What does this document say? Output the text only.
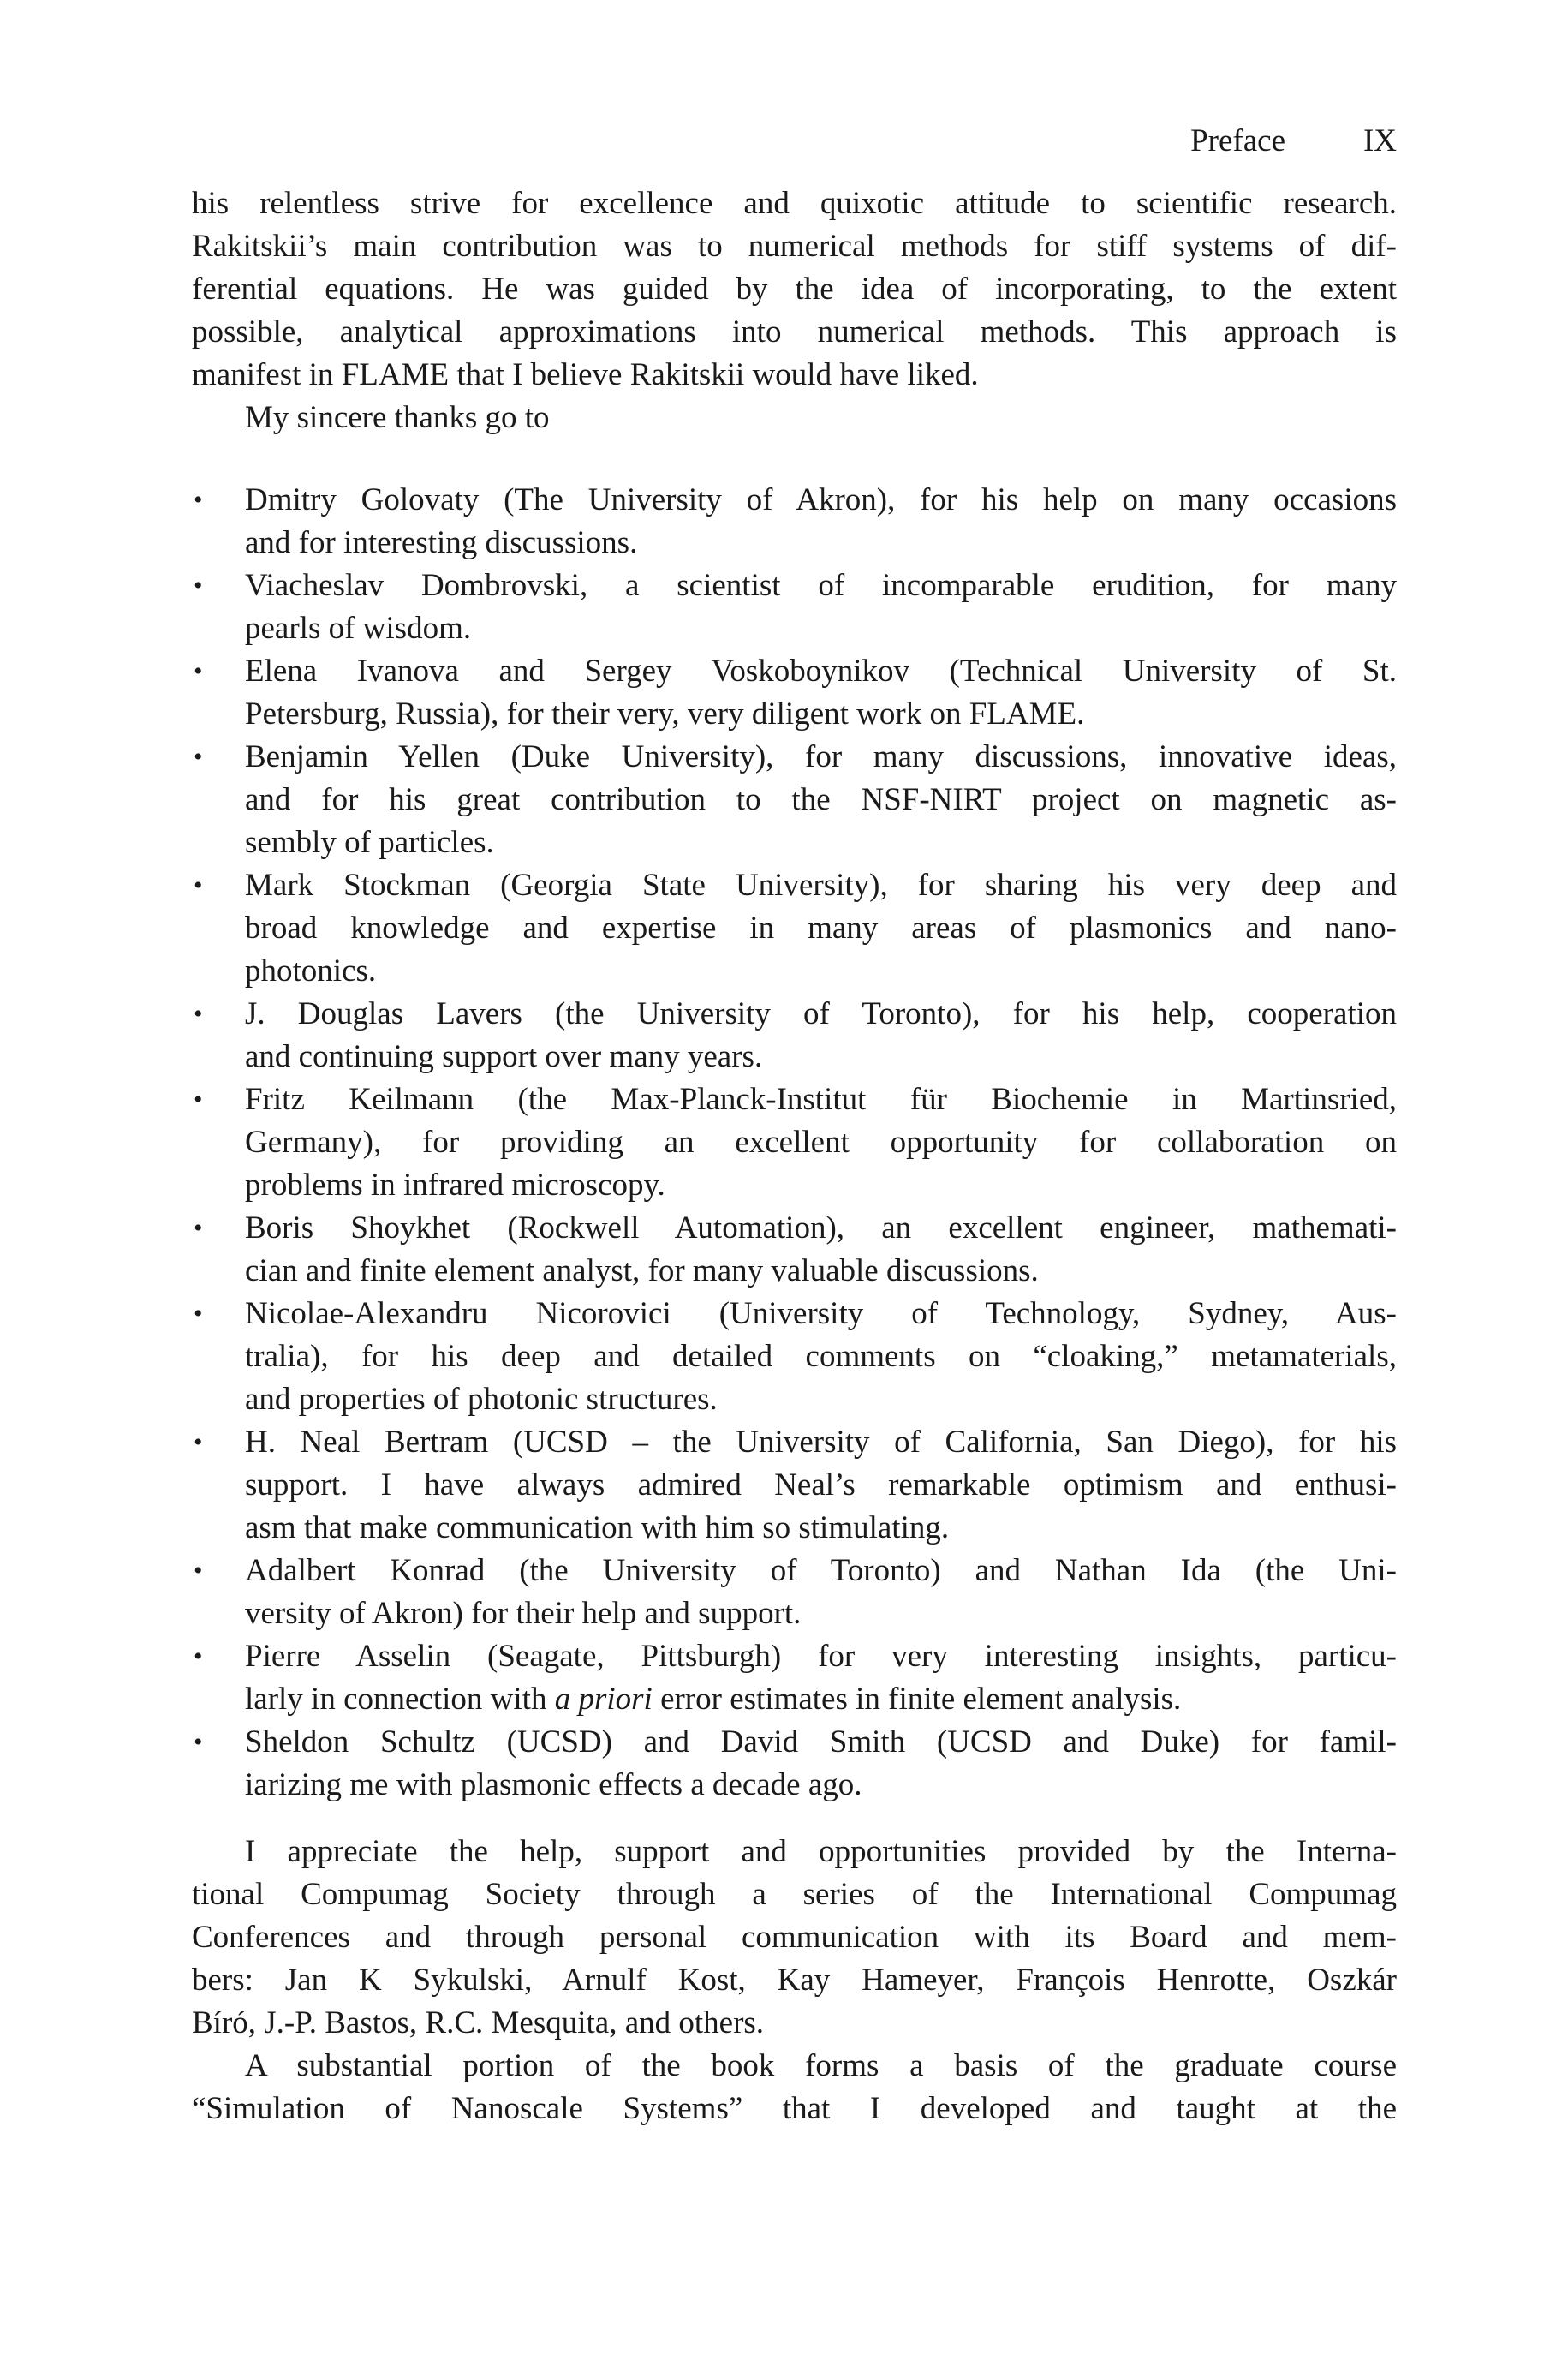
Preface IX
his relentless strive for excellence and quixotic attitude to scientific research.
Rakitskii’s main contribution was to numerical methods for stiff systems of dif-
ferential equations. He was guided by the idea of incorporating, to the extent
possible, analytical approximations into numerical methods. This approach is
manifest in FLAME that I believe Rakitskii would have liked.
My sincere thanks go to
• Dmitry Golovaty (The University of Akron), for his help on many occasions
and for interesting discussions.
• Viacheslav Dombrovski, a scientist of incomparable erudition, for many
pearls of wisdom.
• Elena Ivanova and Sergey Voskoboynikov (Technical University of St.
Petersburg, Russia), for their very, very diligent work on FLAME.
• Benjamin Yellen (Duke University), for many discussions, innovative ideas,
and for his great contribution to the NSF-NIRT project on magnetic as-
sembly of particles.
• Mark Stockman (Georgia State University), for sharing his very deep and
broad knowledge and expertise in many areas of plasmonics and nano-
photonics.
• J. Douglas Lavers (the University of Toronto), for his help, cooperation
and continuing support over many years.
• Fritz Keilmann (the Max-Planck-Institut für Biochemie in Martinsried,
Germany), for providing an excellent opportunity for collaboration on
problems in infrared microscopy.
• Boris Shoykhet (Rockwell Automation), an excellent engineer, mathemati-
cian and finite element analyst, for many valuable discussions.
• Nicolae-Alexandru Nicorovici (University of Technology, Sydney, Aus-
tralia), for his deep and detailed comments on “cloaking,” metamaterials,
and properties of photonic structures.
• H. Neal Bertram (UCSD – the University of California, San Diego), for his
support. I have always admired Neal’s remarkable optimism and enthusi-
asm that make communication with him so stimulating.
• Adalbert Konrad (the University of Toronto) and Nathan Ida (the Uni-
versity of Akron) for their help and support.
• Pierre Asselin (Seagate, Pittsburgh) for very interesting insights, particu-
larly in connection with a priori error estimates in finite element analysis.
• Sheldon Schultz (UCSD) and David Smith (UCSD and Duke) for famil-
iarizing me with plasmonic effects a decade ago.
I appreciate the help, support and opportunities provided by the Interna-
tional Compumag Society through a series of the International Compumag
Conferences and through personal communication with its Board and mem-
bers: Jan K Sykulski, Arnulf Kost, Kay Hameyer, François Henrotte, Oszkár
Bíró, J.-P. Bastos, R.C. Mesquita, and others.
A substantial portion of the book forms a basis of the graduate course
“Simulation of Nanoscale Systems” that I developed and taught at the
